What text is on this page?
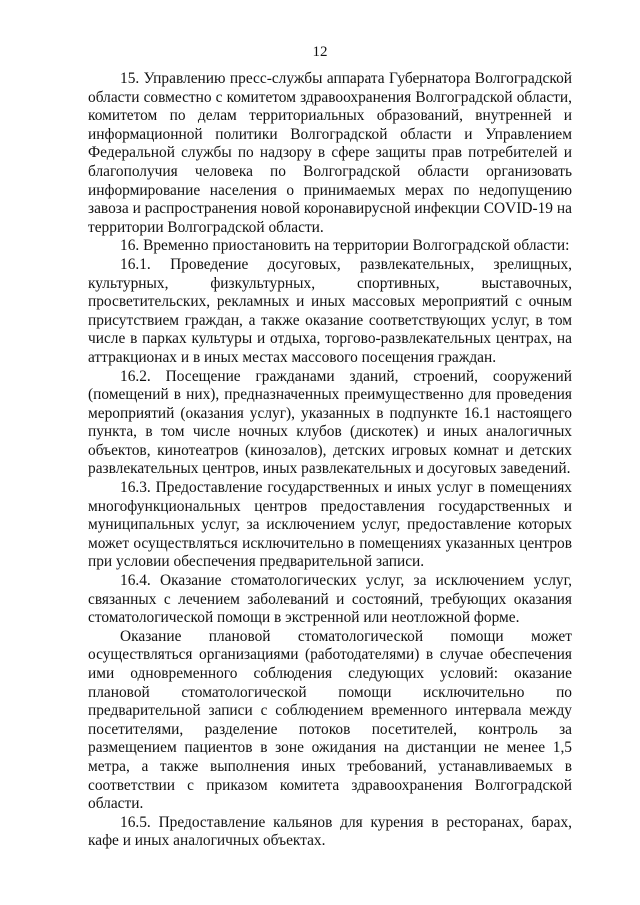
12

15. Управлению пресс-службы аппарата Губернатора Волгоградской области совместно с комитетом здравоохранения Волгоградской области, комитетом по делам территориальных образований, внутренней и информационной политики Волгоградской области и Управлением Федеральной службы по надзору в сфере защиты прав потребителей и благополучия человека по Волгоградской области организовать информирование населения о принимаемых мерах по недопущению завоза и распространения новой коронавирусной инфекции COVID-19 на территории Волгоградской области.

16. Временно приостановить на территории Волгоградской области:

16.1. Проведение досуговых, развлекательных, зрелищных, культурных, физкультурных, спортивных, выставочных, просветительских, рекламных и иных массовых мероприятий с очным присутствием граждан, а также оказание соответствующих услуг, в том числе в парках культуры и отдыха, торгово-развлекательных центрах, на аттракционах и в иных местах массового посещения граждан.

16.2. Посещение гражданами зданий, строений, сооружений (помещений в них), предназначенных преимущественно для проведения мероприятий (оказания услуг), указанных в подпункте 16.1 настоящего пункта, в том числе ночных клубов (дискотек) и иных аналогичных объектов, кинотеатров (кинозалов), детских игровых комнат и детских развлекательных центров, иных развлекательных и досуговых заведений.

16.3. Предоставление государственных и иных услуг в помещениях многофункциональных центров предоставления государственных и муниципальных услуг, за исключением услуг, предоставление которых может осуществляться исключительно в помещениях указанных центров при условии обеспечения предварительной записи.

16.4. Оказание стоматологических услуг, за исключением услуг, связанных с лечением заболеваний и состояний, требующих оказания стоматологической помощи в экстренной или неотложной форме.

Оказание плановой стоматологической помощи может осуществляться организациями (работодателями) в случае обеспечения ими одновременного соблюдения следующих условий: оказание плановой стоматологической помощи исключительно по предварительной записи с соблюдением временного интервала между посетителями, разделение потоков посетителей, контроль за размещением пациентов в зоне ожидания на дистанции не менее 1,5 метра, а также выполнения иных требований, устанавливаемых в соответствии с приказом комитета здравоохранения Волгоградской области.

16.5. Предоставление кальянов для курения в ресторанах, барах, кафе и иных аналогичных объектах.
